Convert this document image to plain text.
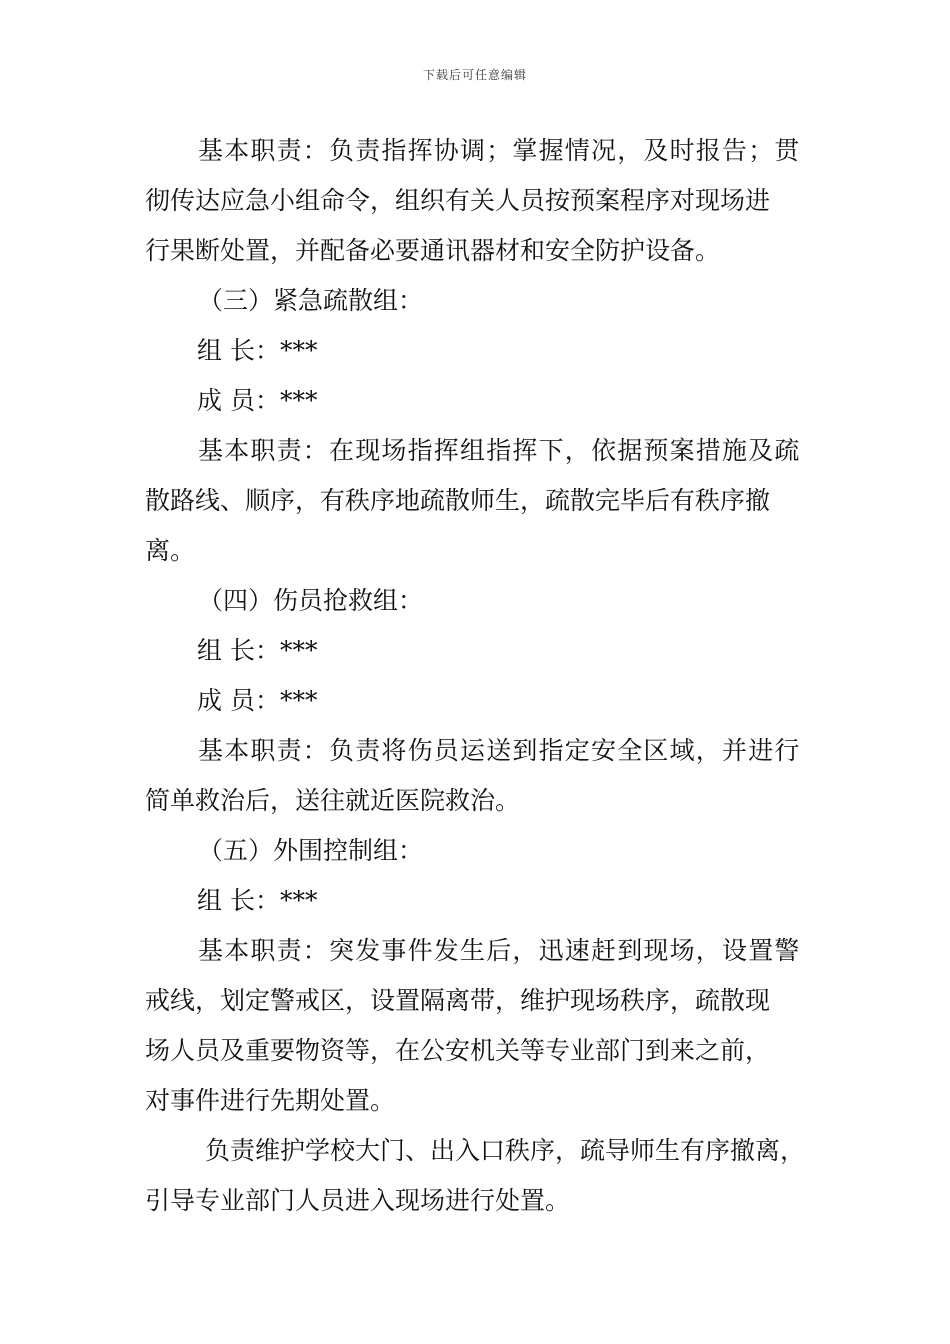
下载后可任意编辑
基本职责：负责指挥协调；掌握情况，及时报告；贯
彻传达应急小组命令，组织有关人员按预案程序对现场进
行果断处置，并配备必要通讯器材和安全防护设备。
（三）紧急疏散组：
组 长：***
成 员：***
基本职责：在现场指挥组指挥下，依据预案措施及疏
散路线、顺序，有秩序地疏散师生，疏散完毕后有秩序撤
离。
（四）伤员抢救组：
组 长：***
成 员：***
基本职责：负责将伤员运送到指定安全区域，并进行
简单救治后，送往就近医院救治。
（五）外围控制组：
组 长：***
基本职责：突发事件发生后，迅速赶到现场，设置警
戒线，划定警戒区，设置隔离带，维护现场秩序，疏散现
场人员及重要物资等，在公安机关等专业部门到来之前，
对事件进行先期处置。
负责维护学校大门、出入口秩序，疏导师生有序撤离，
引导专业部门人员进入现场进行处置。
